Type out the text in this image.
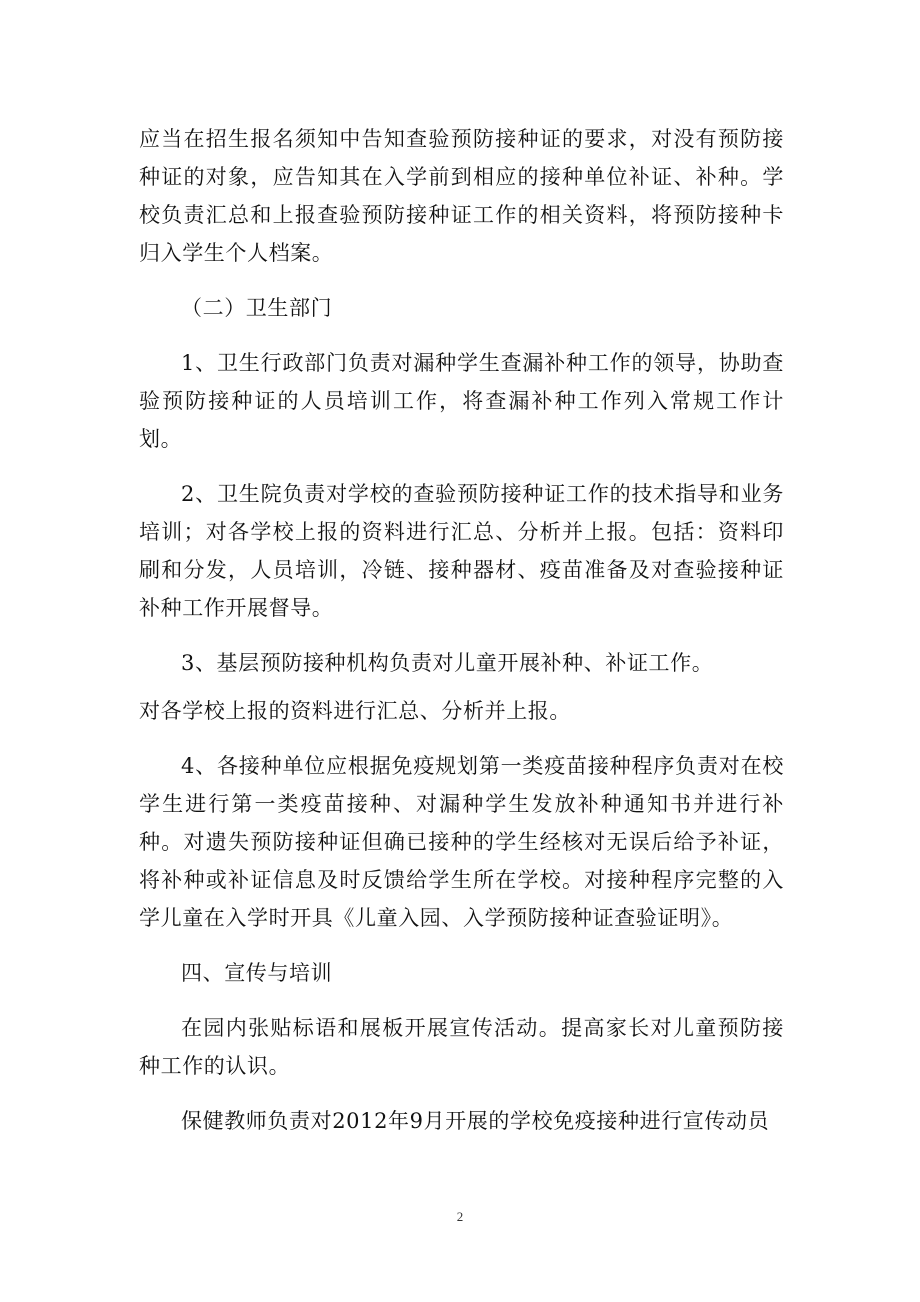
应当在招生报名须知中告知查验预防接种证的要求，对没有预防接种证的对象，应告知其在入学前到相应的接种单位补证、补种。学校负责汇总和上报查验预防接种证工作的相关资料，将预防接种卡归入学生个人档案。

（二）卫生部门

1、卫生行政部门负责对漏种学生查漏补种工作的领导，协助查验预防接种证的人员培训工作，将查漏补种工作列入常规工作计划。

2、卫生院负责对学校的查验预防接种证工作的技术指导和业务培训；对各学校上报的资料进行汇总、分析并上报。包括：资料印刷和分发，人员培训，冷链、接种器材、疫苗准备及对查验接种证补种工作开展督导。

3、基层预防接种机构负责对儿童开展补种、补证工作。

对各学校上报的资料进行汇总、分析并上报。

4、各接种单位应根据免疫规划第一类疫苗接种程序负责对在校学生进行第一类疫苗接种、对漏种学生发放补种通知书并进行补种。对遗失预防接种证但确已接种的学生经核对无误后给予补证，将补种或补证信息及时反馈给学生所在学校。对接种程序完整的入学儿童在入学时开具《儿童入园、入学预防接种证查验证明》。

四、宣传与培训

在园内张贴标语和展板开展宣传活动。提高家长对儿童预防接种工作的认识。

保健教师负责对2012年9月开展的学校免疫接种进行宣传动员

2
